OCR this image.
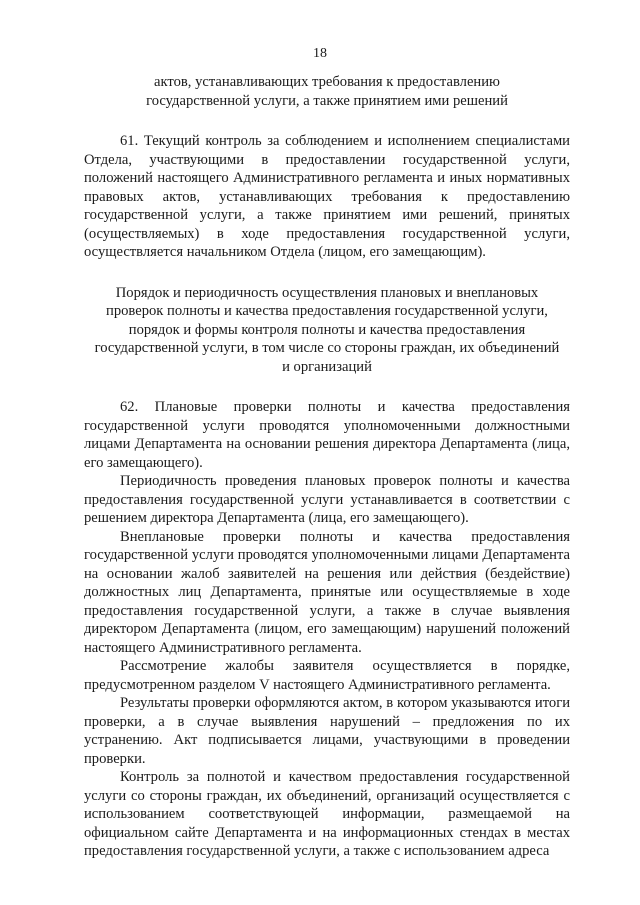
18
актов, устанавливающих требования к предоставлению
государственной услуги, а также принятием ими решений

61. Текущий контроль за соблюдением и исполнением специалистами Отдела, участвующими в предоставлении государственной услуги, положений настоящего Административного регламента и иных нормативных правовых актов, устанавливающих требования к предоставлению государственной услуги, а также принятием ими решений, принятых (осуществляемых) в ходе предоставления государственной услуги, осуществляется начальником Отдела (лицом, его замещающим).

Порядок и периодичность осуществления плановых и внеплановых
проверок полноты и качества предоставления государственной услуги,
порядок и формы контроля полноты и качества предоставления
государственной услуги, в том числе со стороны граждан, их объединений
и организаций

62. Плановые проверки полноты и качества предоставления государственной услуги проводятся уполномоченными должностными лицами Департамента на основании решения директора Департамента (лица, его замещающего).

Периодичность проведения плановых проверок полноты и качества предоставления государственной услуги устанавливается в соответствии с решением директора Департамента (лица, его замещающего).

Внеплановые проверки полноты и качества предоставления государственной услуги проводятся уполномоченными лицами Департамента на основании жалоб заявителей на решения или действия (бездействие) должностных лиц Департамента, принятые или осуществляемые в ходе предоставления государственной услуги, а также в случае выявления директором Департамента (лицом, его замещающим) нарушений положений настоящего Административного регламента.

Рассмотрение жалобы заявителя осуществляется в порядке, предусмотренном разделом V настоящего Административного регламента.

Результаты проверки оформляются актом, в котором указываются итоги проверки, а в случае выявления нарушений – предложения по их устранению. Акт подписывается лицами, участвующими в проведении проверки.

Контроль за полнотой и качеством предоставления государственной услуги со стороны граждан, их объединений, организаций осуществляется с использованием соответствующей информации, размещаемой на официальном сайте Департамента и на информационных стендах в местах предоставления государственной услуги, а также с использованием адреса
